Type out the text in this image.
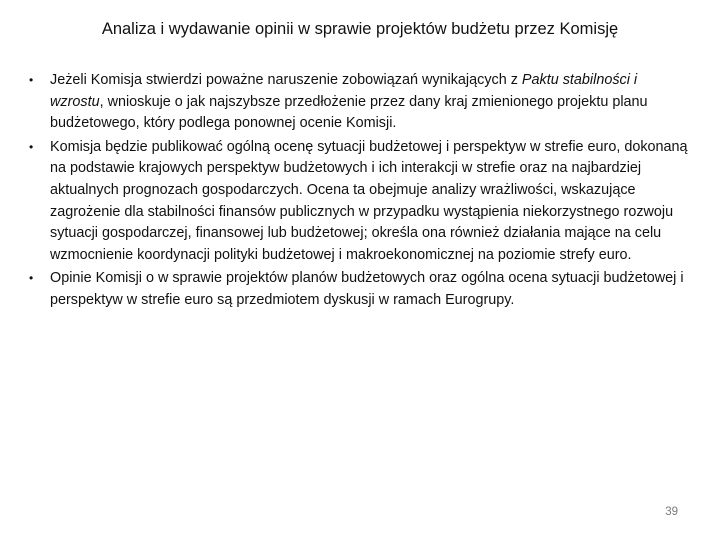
Analiza i wydawanie opinii w sprawie projektów budżetu przez Komisję
• Jeżeli Komisja stwierdzi poważne naruszenie zobowiązań wynikających z Paktu stabilności i wzrostu, wnioskuje o jak najszybsze przedłożenie przez dany kraj zmienionego projektu planu budżetowego, który podlega ponownej ocenie Komisji.
• Komisja będzie publikować ogólną ocenę sytuacji budżetowej i perspektyw w strefie euro, dokonaną na podstawie krajowych perspektyw budżetowych i ich interakcji w strefie oraz na najbardziej aktualnych prognozach gospodarczych. Ocena ta obejmuje analizy wrażliwości, wskazujące zagrożenie dla stabilności finansów publicznych w przypadku wystąpienia niekorzystnego rozwoju sytuacji gospodarczej, finansowej lub budżetowej; określa ona również działania mające na celu wzmocnienie koordynacji polityki budżetowej i makroekonomicznej na poziomie strefy euro.
• Opinie Komisji o w sprawie projektów planów budżetowych oraz ogólna ocena sytuacji budżetowej i perspektyw w strefie euro są przedmiotem dyskusji w ramach Eurogrupy.
39
